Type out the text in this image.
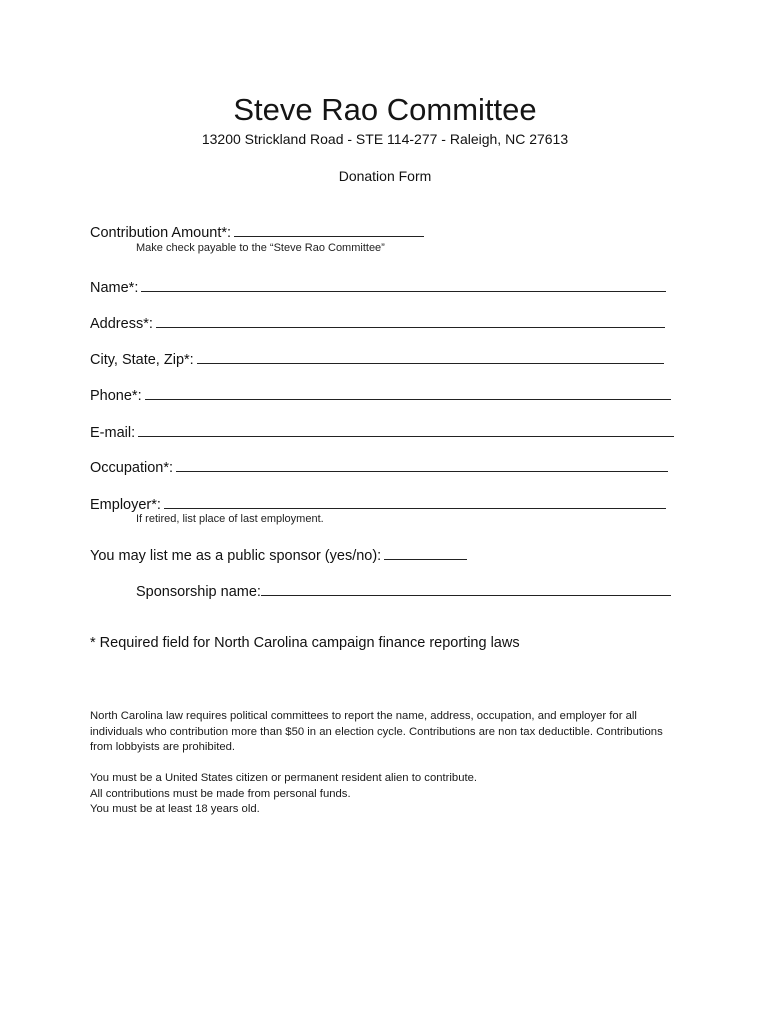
Steve Rao Committee
13200 Strickland Road - STE 114-277 - Raleigh, NC 27613
Donation Form
Contribution Amount*:
Make check payable to the “Steve Rao Committee”
Name*:
Address*:
City, State, Zip*:
Phone*:
E-mail:
Occupation*:
Employer*:
If retired, list place of last employment.
You may list me as a public sponsor (yes/no):
Sponsorship name:
* Required field for North Carolina campaign finance reporting laws

North Carolina law requires political committees to report the name, address, occupation, and employer for all individuals who contribution more than $50 in an election cycle. Contributions are non tax deductible. Contributions from lobbyists are prohibited.

You must be a United States citizen or permanent resident alien to contribute.

All contributions must be made from personal funds.

You must be at least 18 years old.
